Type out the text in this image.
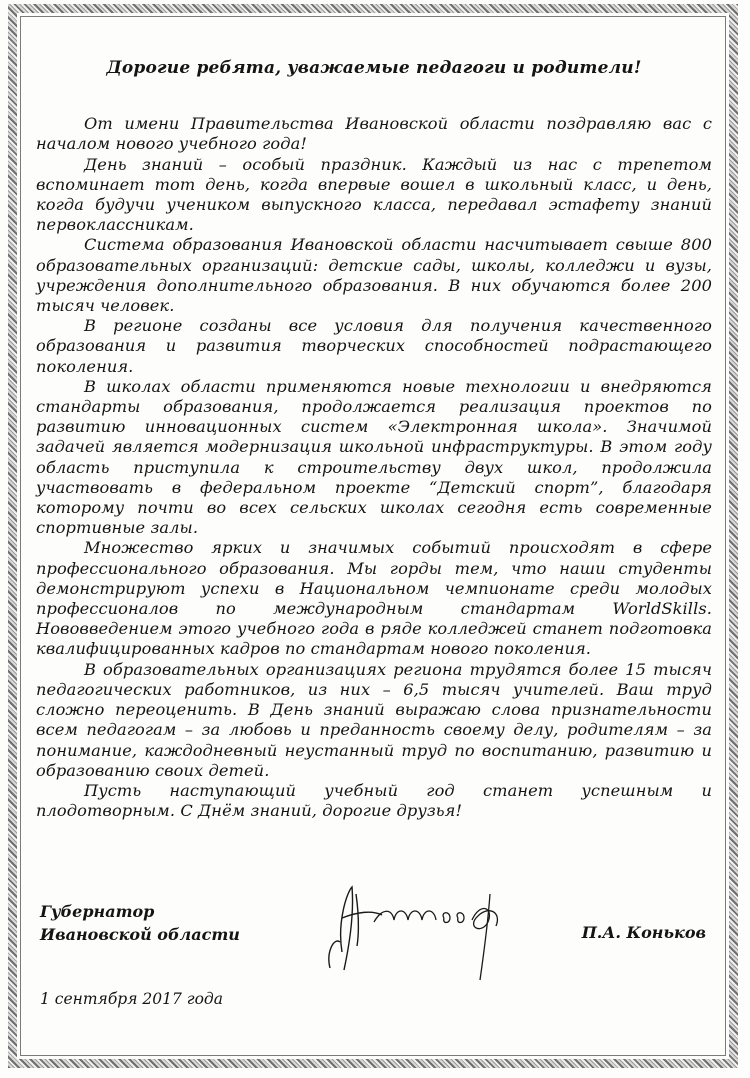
Дорогие ребята, уважаемые педагоги и родители!

От имени Правительства Ивановской области поздравляю вас с началом нового учебного года!

День знаний – особый праздник. Каждый из нас с трепетом вспоминает тот день, когда впервые вошел в школьный класс, и день, когда будучи учеником выпускного класса, передавал эстафету знаний первоклассникам.

Система образования Ивановской области насчитывает свыше 800 образовательных организаций: детские сады, школы, колледжи и вузы, учреждения дополнительного образования. В них обучаются более 200 тысяч человек.

В регионе созданы все условия для получения качественного образования и развития творческих способностей подрастающего поколения.

В школах области применяются новые технологии и внедряются стандарты образования, продолжается реализация проектов по развитию инновационных систем «Электронная школа». Значимой задачей является модернизация школьной инфраструктуры. В этом году область приступила к строительству двух школ, продолжила участвовать в федеральном проекте “Детский спорт”, благодаря которому почти во всех сельских школах сегодня есть современные спортивные залы.

Множество ярких и значимых событий происходят в сфере профессионального образования. Мы горды тем, что наши студенты демонстрируют успехи в Национальном чемпионате среди молодых профессионалов по международным стандартам WorldSkills. Нововведением этого учебного года в ряде колледжей станет подготовка квалифицированных кадров по стандартам нового поколения.

В образовательных организациях региона трудятся более 15 тысяч педагогических работников, из них – 6,5 тысяч учителей. Ваш труд сложно переоценить. В День знаний выражаю слова признательности всем педагогам – за любовь и преданность своему делу, родителям – за понимание, каждодневный неустанный труд по воспитанию, развитию и образованию своих детей.

Пусть наступающий учебный год станет успешным и плодотворным. С Днём знаний, дорогие друзья!

Губернатор
Ивановской области	П.А. Коньков
1 сентября 2017 года
